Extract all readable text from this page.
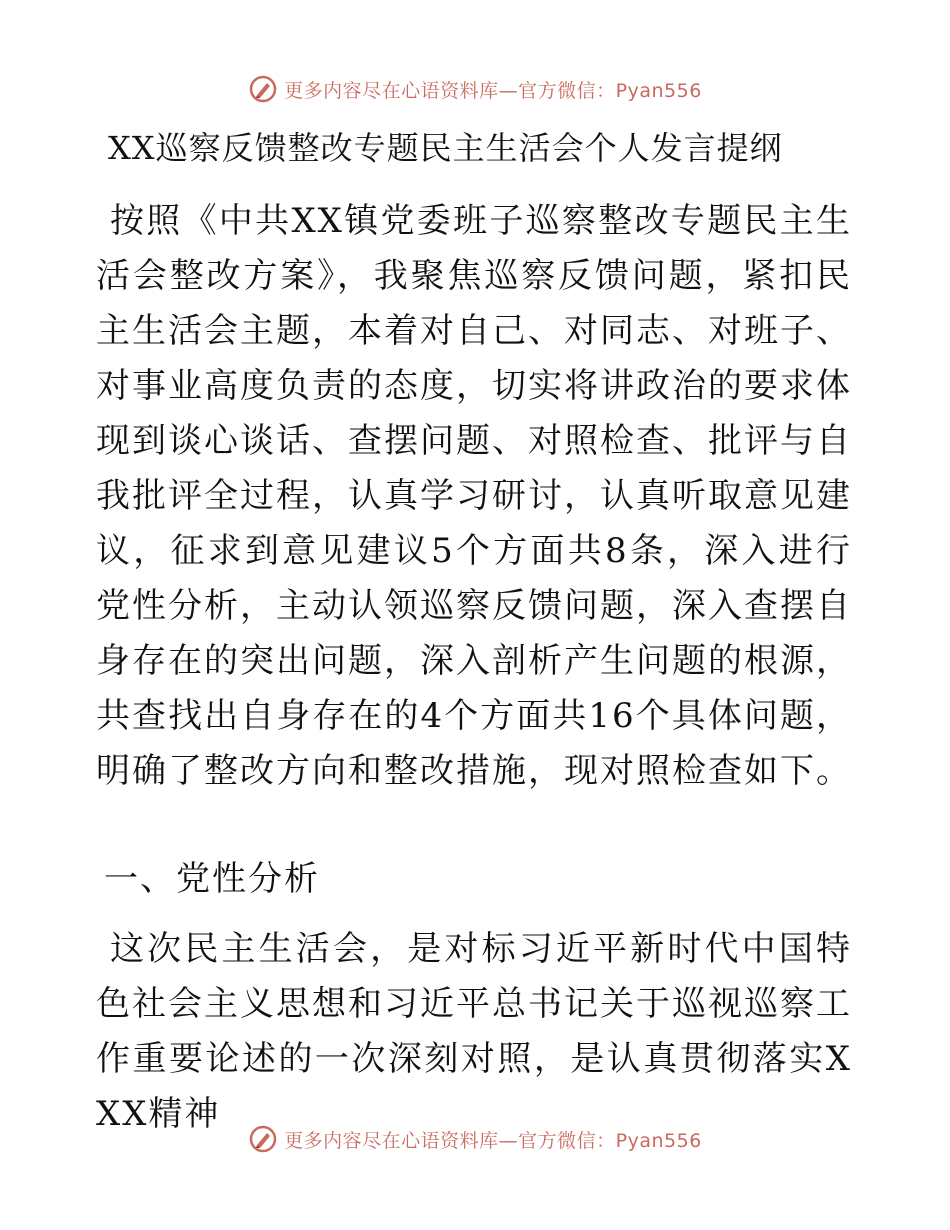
更多内容尽在心语资料库—官方微信：Pyan556
XX巡察反馈整改专题民主生活会个人发言提纲

按照《中共XX镇党委班子巡察整改专题民主生活会整改方案》，我聚焦巡察反馈问题，紧扣民主生活会主题，本着对自己、对同志、对班子、对事业高度负责的态度，切实将讲政治的要求体现到谈心谈话、查摆问题、对照检查、批评与自我批评全过程，认真学习研讨，认真听取意见建议，征求到意见建议5个方面共8条，深入进行党性分析，主动认领巡察反馈问题，深入查摆自身存在的突出问题，深入剖析产生问题的根源，共查找出自身存在的4个方面共16个具体问题，明确了整改方向和整改措施，现对照检查如下。

一、党性分析

这次民主生活会，是对标习近平新时代中国特色社会主义思想和习近平总书记关于巡视巡察工作重要论述的一次深刻对照，是认真贯彻落实XXX精神

更多内容尽在心语资料库—官方微信：Pyan556
